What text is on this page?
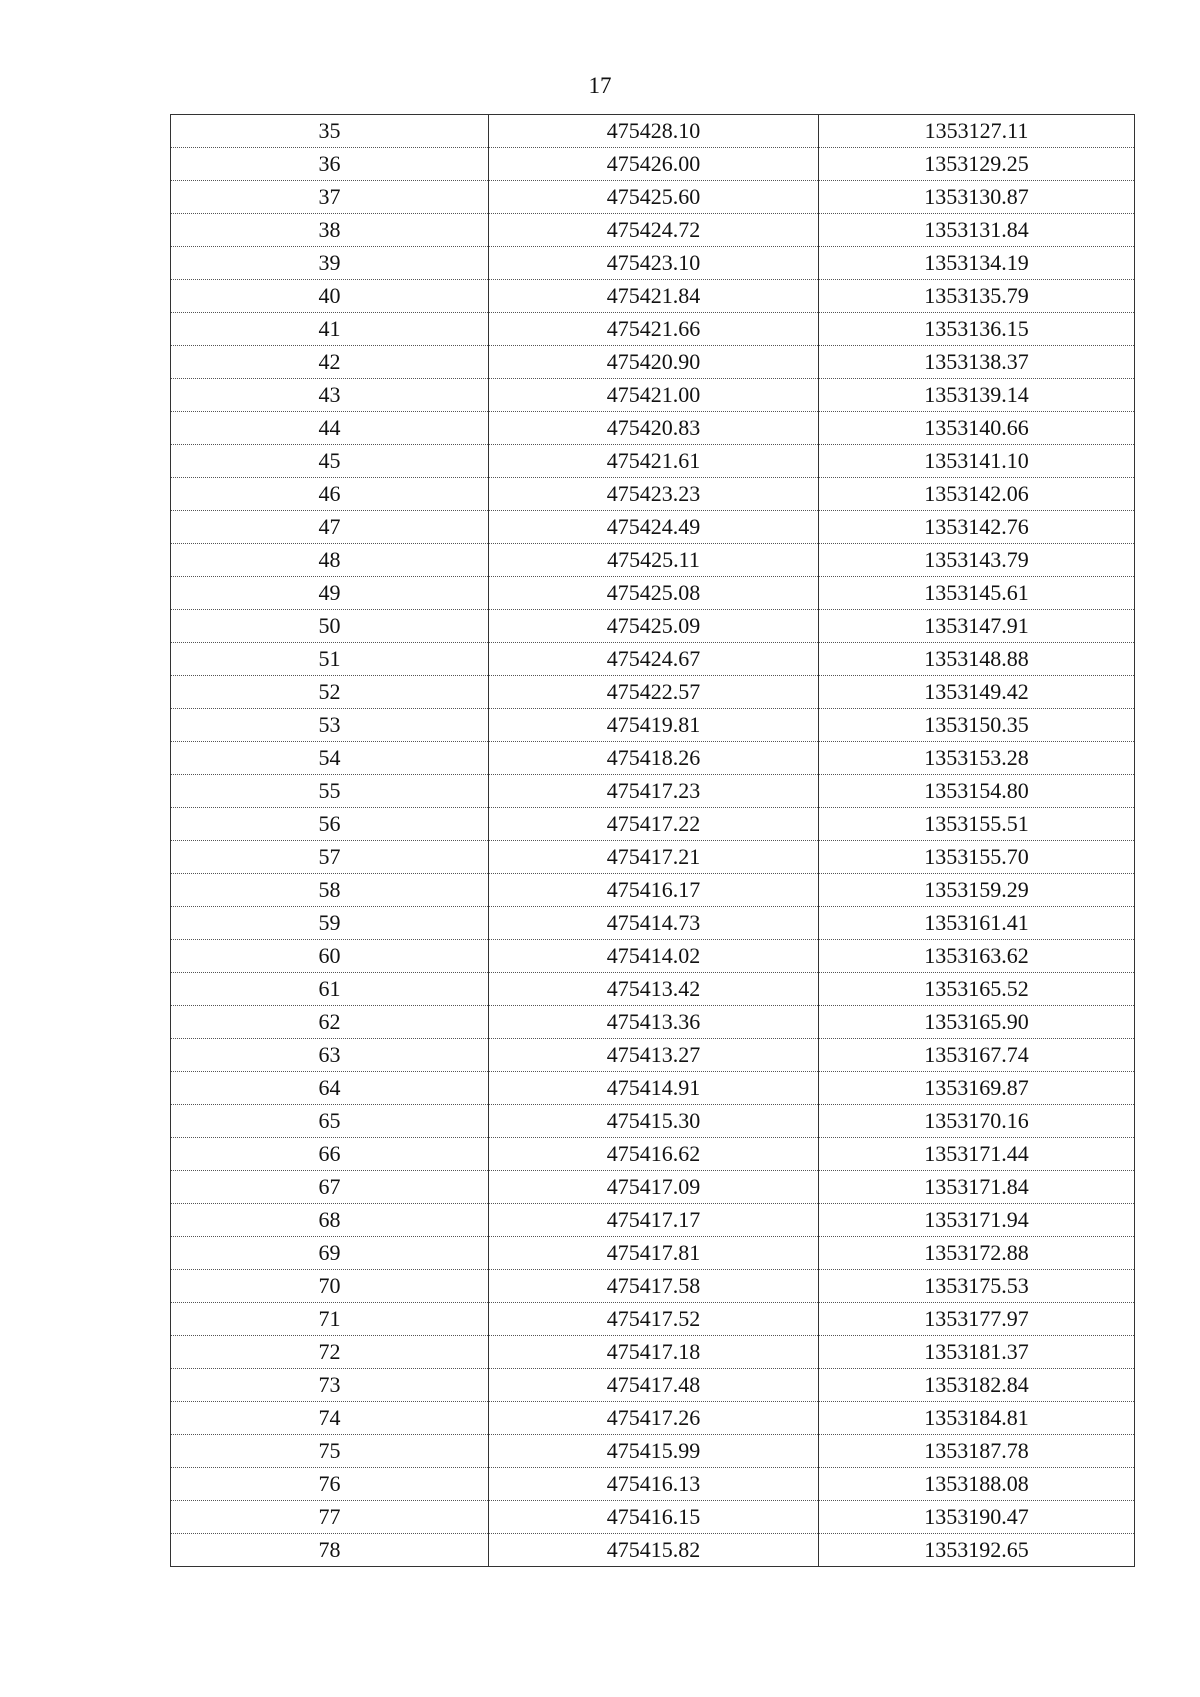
17
35	475428.10	1353127.11
36	475426.00	1353129.25
37	475425.60	1353130.87
38	475424.72	1353131.84
39	475423.10	1353134.19
40	475421.84	1353135.79
41	475421.66	1353136.15
42	475420.90	1353138.37
43	475421.00	1353139.14
44	475420.83	1353140.66
45	475421.61	1353141.10
46	475423.23	1353142.06
47	475424.49	1353142.76
48	475425.11	1353143.79
49	475425.08	1353145.61
50	475425.09	1353147.91
51	475424.67	1353148.88
52	475422.57	1353149.42
53	475419.81	1353150.35
54	475418.26	1353153.28
55	475417.23	1353154.80
56	475417.22	1353155.51
57	475417.21	1353155.70
58	475416.17	1353159.29
59	475414.73	1353161.41
60	475414.02	1353163.62
61	475413.42	1353165.52
62	475413.36	1353165.90
63	475413.27	1353167.74
64	475414.91	1353169.87
65	475415.30	1353170.16
66	475416.62	1353171.44
67	475417.09	1353171.84
68	475417.17	1353171.94
69	475417.81	1353172.88
70	475417.58	1353175.53
71	475417.52	1353177.97
72	475417.18	1353181.37
73	475417.48	1353182.84
74	475417.26	1353184.81
75	475415.99	1353187.78
76	475416.13	1353188.08
77	475416.15	1353190.47
78	475415.82	1353192.65
